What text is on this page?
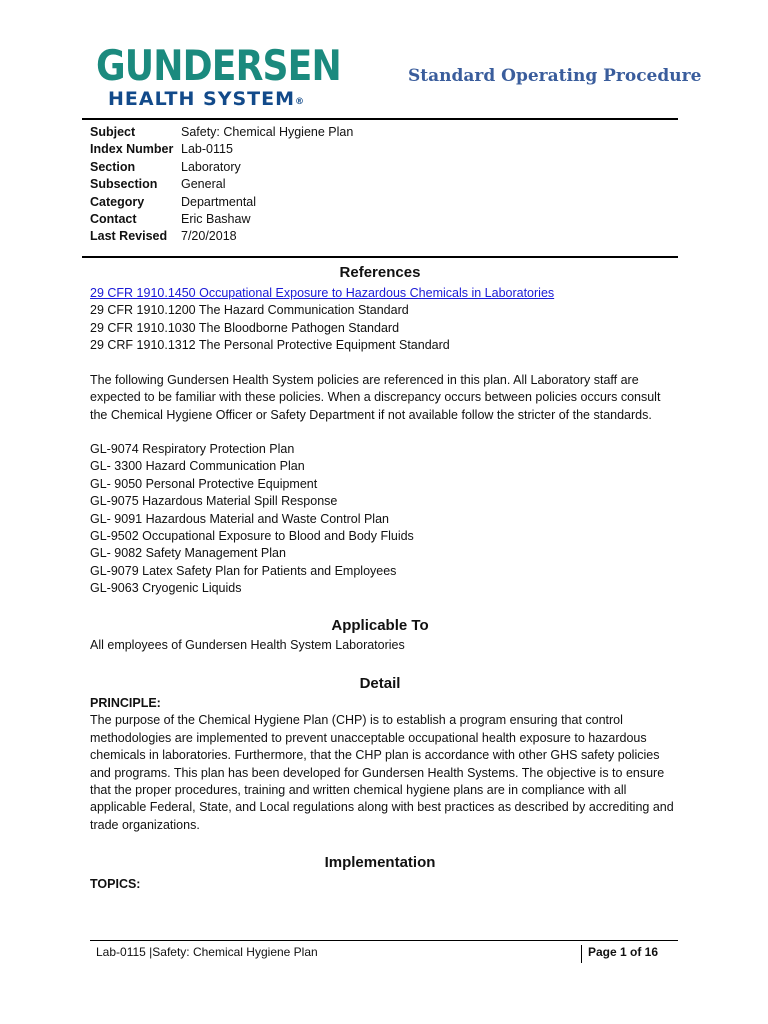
GUNDERSEN
HEALTH SYSTEM®
Standard Operating Procedure
Subject	Safety: Chemical Hygiene Plan
Index Number Lab-0115
Section	Laboratory
Subsection	General
Category	Departmental
Contact	Eric Bashaw
Last Revised	7/20/2018
References
29 CFR 1910.1450 Occupational Exposure to Hazardous Chemicals in Laboratories
29 CFR 1910.1200 The Hazard Communication Standard
29 CFR 1910.1030 The Bloodborne Pathogen Standard
29 CRF 1910.1312 The Personal Protective Equipment Standard
The following Gundersen Health System policies are referenced in this plan. All Laboratory staff are
expected to be familiar with these policies. When a discrepancy occurs between policies occurs consult
the Chemical Hygiene Officer or Safety Department if not available follow the stricter of the standards.
GL-9074 Respiratory Protection Plan
GL- 3300 Hazard Communication Plan
GL- 9050 Personal Protective Equipment
GL-9075 Hazardous Material Spill Response
GL- 9091 Hazardous Material and Waste Control Plan
GL-9502 Occupational Exposure to Blood and Body Fluids
GL- 9082 Safety Management Plan
GL-9079 Latex Safety Plan for Patients and Employees
GL-9063 Cryogenic Liquids
Applicable To
All employees of Gundersen Health System Laboratories
Detail
PRINCIPLE:
The purpose of the Chemical Hygiene Plan (CHP) is to establish a program ensuring that control
methodologies are implemented to prevent unacceptable occupational health exposure to hazardous
chemicals in laboratories. Furthermore, that the CHP plan is accordance with other GHS safety policies
and programs. This plan has been developed for Gundersen Health Systems. The objective is to ensure
that the proper procedures, training and written chemical hygiene plans are in compliance with all
applicable Federal, State, and Local regulations along with best practices as described by accrediting and
trade organizations.
Implementation
TOPICS:
Lab-0115 |Safety: Chemical Hygiene Plan	Page 1 of 16
